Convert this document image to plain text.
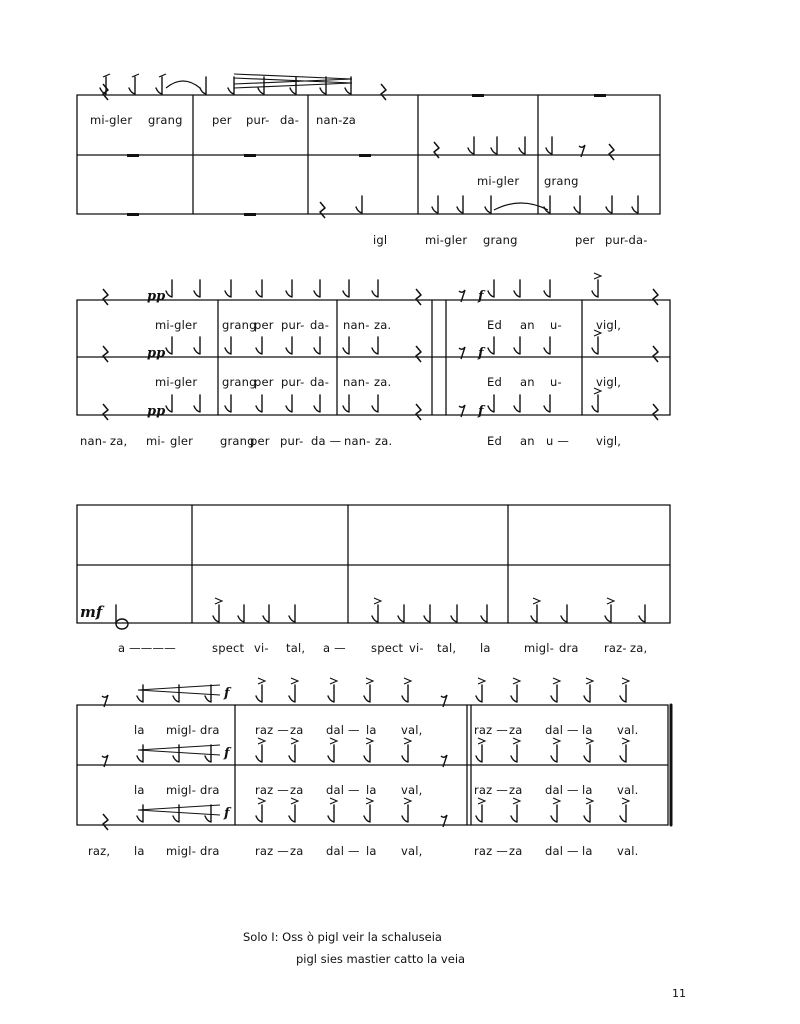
mi-gler grang	per pur- da- nan-za
mi-gler grang
igl	mi-gler grang	per pur-da-
pp
pp
pp
f
f
f
mi-gler grang
per pur- da- nan- za.	Ed an u-	vigl,
mi-gler grang
per pur- da- nan- za.	Ed an u-	vigl,
nan- za, mi- gler grang
per pur- da — nan- za.	Ed an u — vigl,
mf
a ————	spect vi- tal, a — spect vi- tal, la	migl- dra raz- za,
f
f
f
la migl- dra	raz — za dal — la val,	raz — za dal — la val.
la migl- dra	raz — za dal — la val,	raz — za dal — la val.
raz, la migl- dra	raz — za dal — la val,	raz — za dal — la val.
Solo I: Oss ò pigl veir la schaluseia
pigl sies mastier catto la veia
11
